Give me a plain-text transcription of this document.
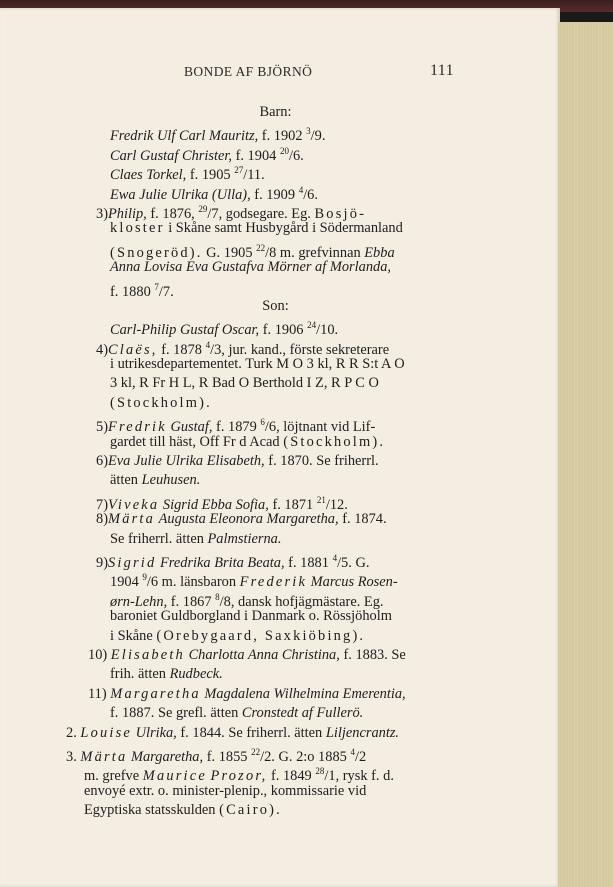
BONDE AF BJÖRNÖ	111
Barn:
Fredrik Ulf Carl Mauritz, f. 1902 $^3$/9.
Carl Gustaf Christer, f. 1904 $^{20}$/6.
Claes Torkel, f. 1905 $^{27}$/11.
Ewa Julie Ulrika (Ulla), f. 1909 $^4$/6.
3)Philip, f. 1876, $^{29}$/7, godsegare. Eg. Bosjö-
kloster i Skåne samt Husbygård i Södermanland
(Snogeröd). G. 1905 $^{22}$/8 m. grefvinnan Ebba
Anna Lovisa Eva Gustafva Mörner af Morlanda,
f. 1880 $^7$/7.
Son:
Carl-Philip Gustaf Oscar, f. 1906 $^{24}$/10.
4)Claës, f. 1878 $^4$/3, jur. kand., förste sekreterare
i utrikesdepartementet. Turk M O 3 kl, R R S:t A O
3 kl, R Fr H L, R Bad O Berthold I Z, R P C O
(Stockholm).
5)Fredrik Gustaf, f. 1879 $^6$/6, löjtnant vid Lif-
gardet till häst, Off Fr d Acad (Stockholm).
6)Eva Julie Ulrika Elisabeth, f. 1870. Se friherrl.
ätten Leuhusen.
7)Viveka Sigrid Ebba Sofia, f. 1871 $^{21}$/12.
8)Märta Augusta Eleonora Margaretha, f. 1874.
Se friherrl. ätten Palmstierna.
9)Sigrid Fredrika Brita Beata, f. 1881 $^4$/5. G.
1904 $^9$/6 m. länsbaron Frederik Marcus Rosen-
ørn-Lehn, f. 1867 $^8$/8, dansk hofjägmästare. Eg.
baroniet Guldborgland i Danmark o. Rössjöholm
i Skåne (Orebygaard, Saxkiöbing).
10) Elisabeth Charlotta Anna Christina, f. 1883. Se
frih. ätten Rudbeck.
11) Margaretha Magdalena Wilhelmina Emerentia,
f. 1887. Se grefl. ätten Cronstedt af Fullerö.
2. Louise Ulrika, f. 1844. Se friherrl. ätten Liljencrantz.
3. Märta Margaretha, f. 1855 $^{22}$/2. G. 2:o 1885 $^4$/2
m. grefve Maurice Prozor, f. 1849 $^{28}$/1, rysk f. d.
envoyé extr. o. minister-plenip., kommissarie vid
Egyptiska statsskulden (Cairo).
